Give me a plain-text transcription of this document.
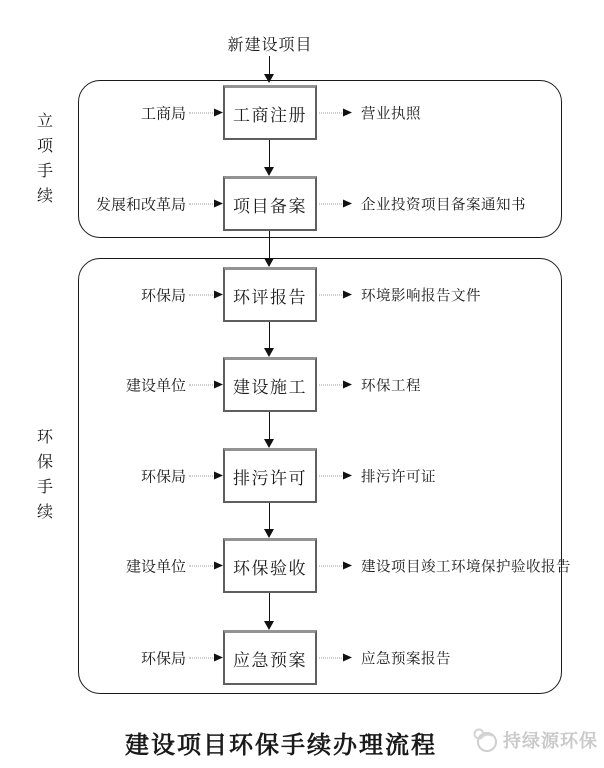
新建设项目
立项手续
环保手续
工商局	工商注册	营业执照
发展和改革局	项目备案	企业投资项目备案通知书
环保局	环评报告	环境影响报告文件
建设单位	建设施工	环保工程
环保局	排污许可	排污许可证
建设单位	环保验收	建设项目竣工环境保护验收报告
环保局	应急预案	应急预案报告
建设项目环保手续办理流程	持绿源环保
